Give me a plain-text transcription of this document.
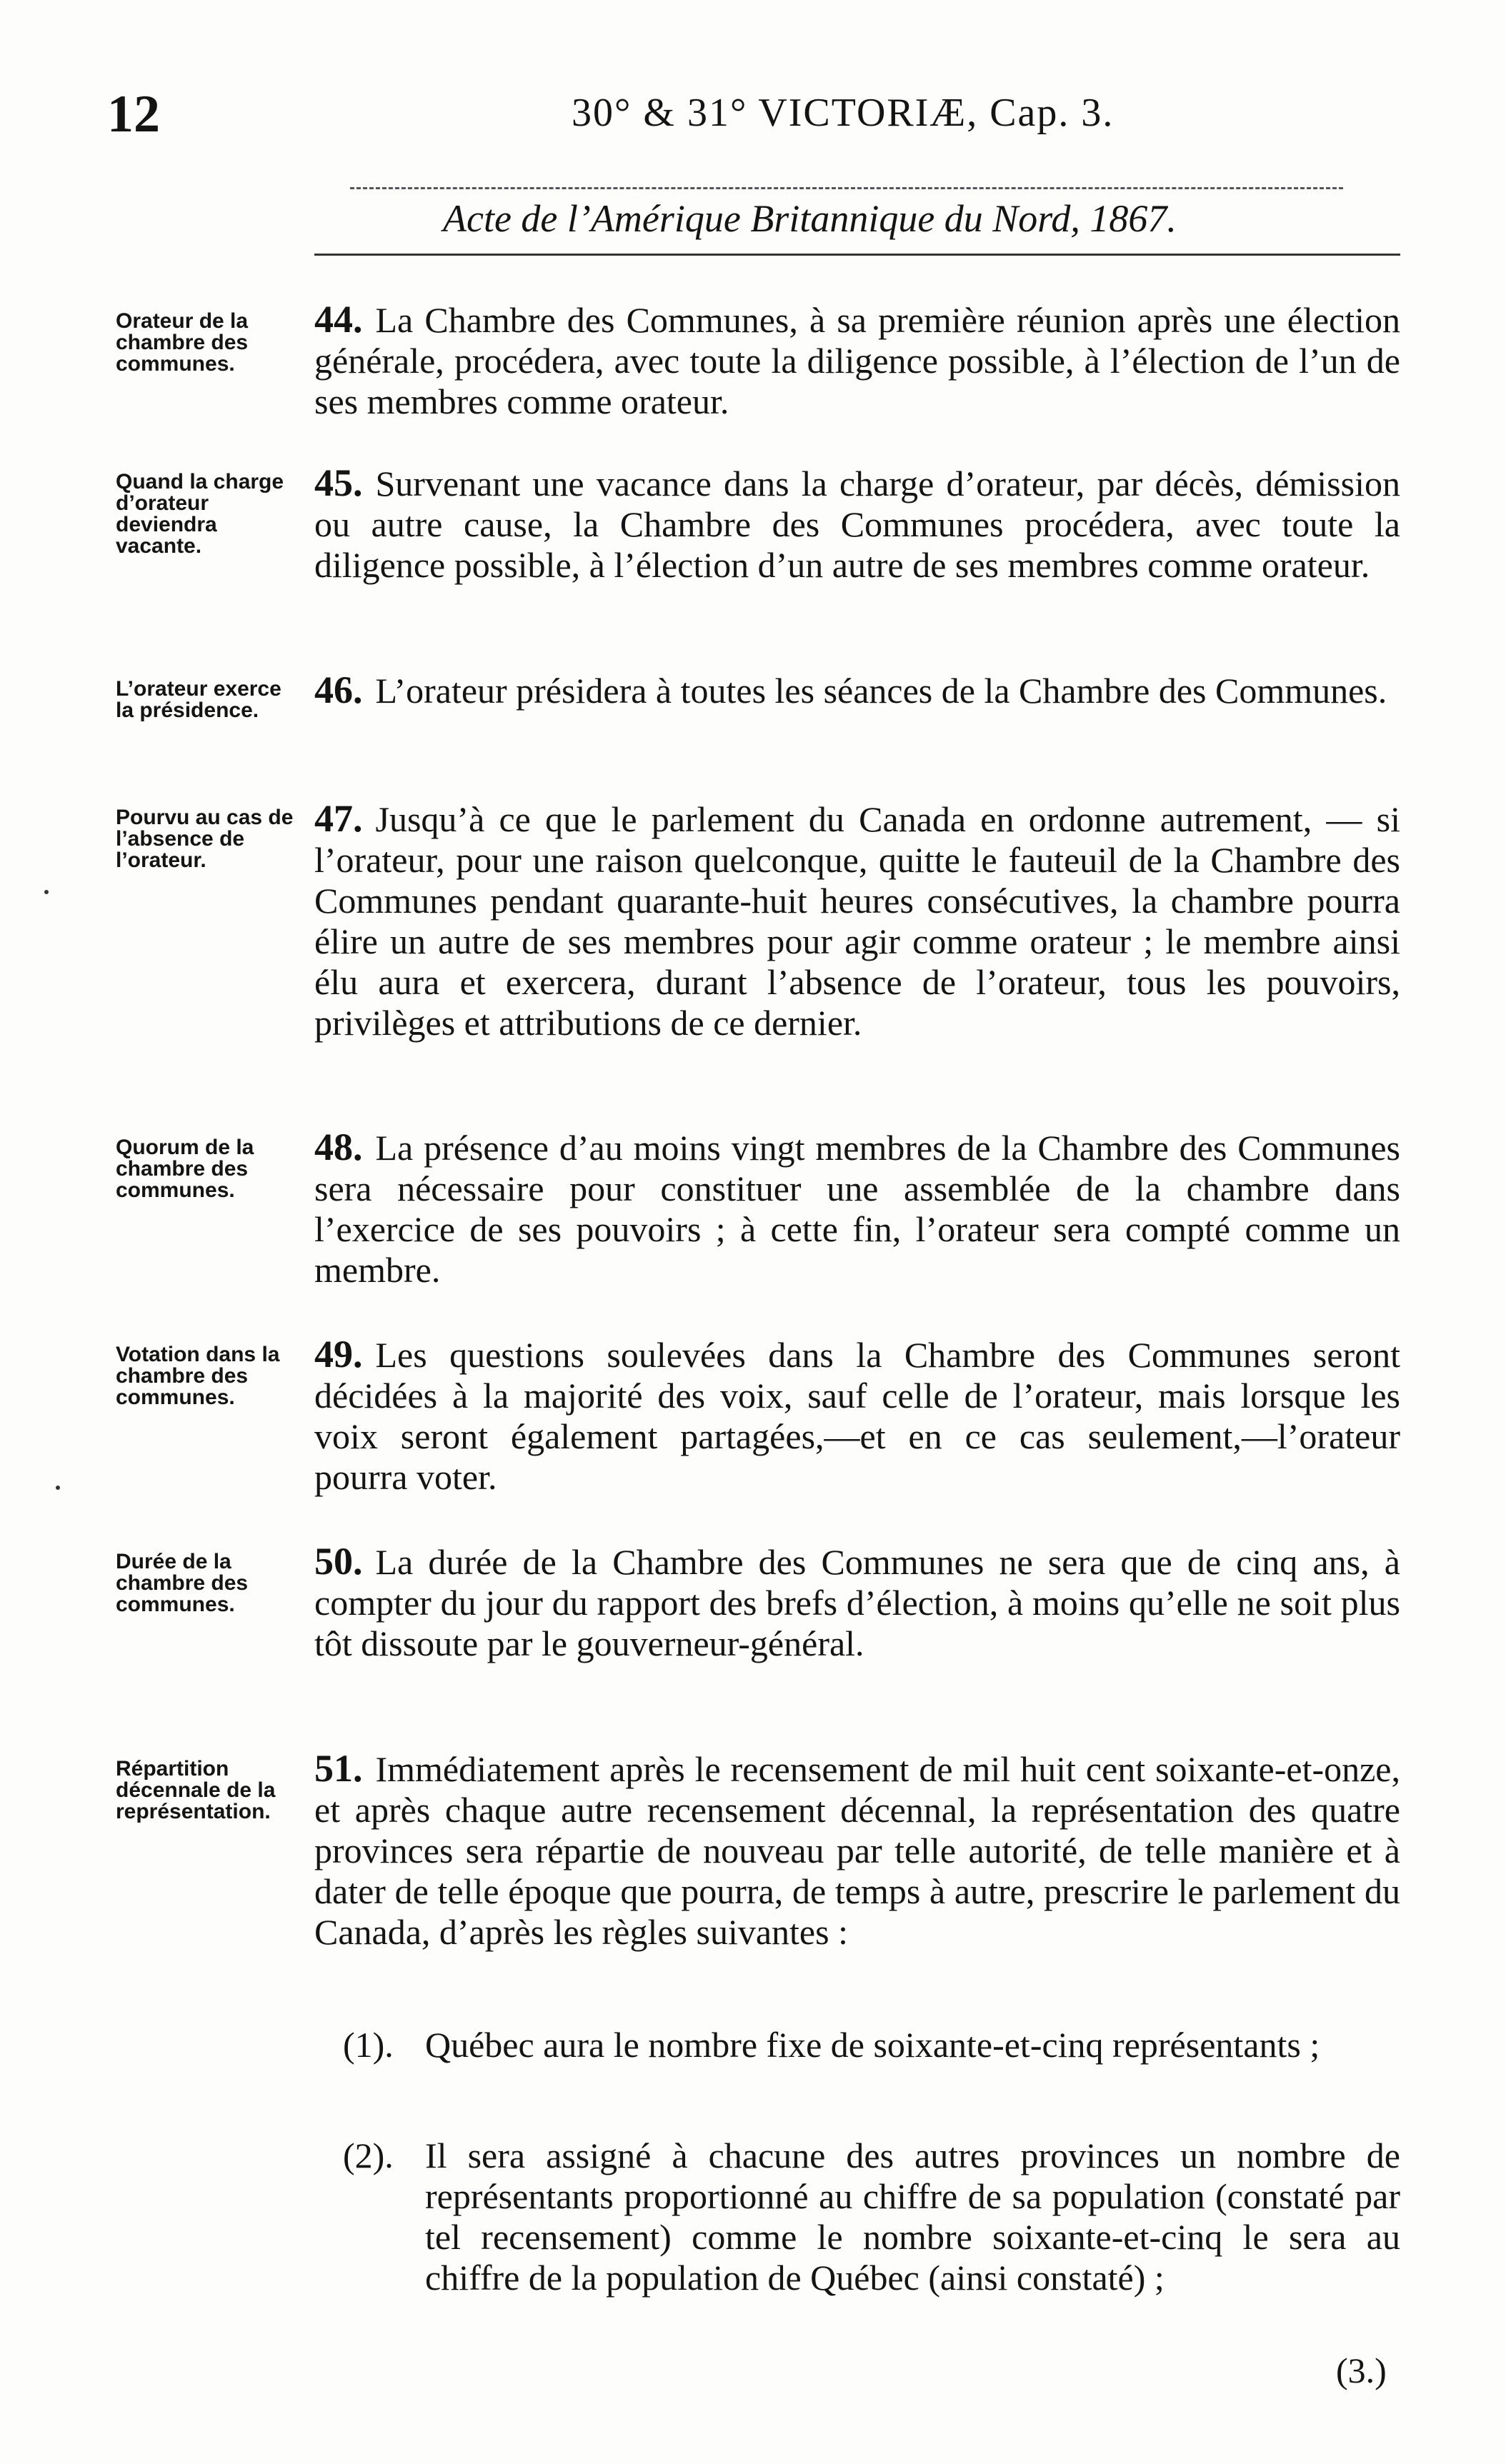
12	30° & 31° VICTORIÆ, Cap. 3.
Acte de l’Amérique Britannique du Nord, 1867.
Orateur de la chambre des communes.
44. La Chambre des Communes, à sa première réunion après une élection générale, procédera, avec toute la diligence possible, à l’élection de l’un de ses membres comme orateur.
Quand la charge d’orateur deviendra vacante.
45. Survenant une vacance dans la charge d’orateur, par décès, démission ou autre cause, la Chambre des Communes procédera, avec toute la diligence possible, à l’élection d’un autre de ses membres comme orateur.
L’orateur exerce la présidence.	46. L’orateur présidera à toutes les séances de la Chambre des Communes.
Pourvu au cas de l’absence de l’orateur.
47. Jusqu’à ce que le parlement du Canada en ordonne autrement, — si l’orateur, pour une raison quelconque, quitte le fauteuil de la Chambre des Communes pendant quarante-huit heures consécutives, la chambre pourra élire un autre de ses membres pour agir comme orateur ; le membre ainsi élu aura et exercera, durant l’absence de l’orateur, tous les pouvoirs, privilèges et attributions de ce dernier.
Quorum de la chambre des communes.
48. La présence d’au moins vingt membres de la Chambre des Communes sera nécessaire pour constituer une assemblée de la chambre dans l’exercice de ses pouvoirs ; à cette fin, l’orateur sera compté comme un membre.
Votation dans la chambre des communes.
49. Les questions soulevées dans la Chambre des Communes seront décidées à la majorité des voix, sauf celle de l’orateur, mais lorsque les voix seront également partagées,—et en ce cas seulement,—l’orateur pourra voter.
Durée de la chambre des communes.
50. La durée de la Chambre des Communes ne sera que de cinq ans, à compter du jour du rapport des brefs d’élection, à moins qu’elle ne soit plus tôt dissoute par le gouverneur-général.
Répartition décennale de la représentation.
51. Immédiatement après le recensement de mil huit cent soixante-et-onze, et après chaque autre recensement décennal, la représentation des quatre provinces sera répartie de nouveau par telle autorité, de telle manière et à dater de telle époque que pourra, de temps à autre, prescrire le parlement du Canada, d’après les règles suivantes :
(1). Québec aura le nombre fixe de soixante-et-cinq représentants ;
(2). Il sera assigné à chacune des autres provinces un nombre de représentants proportionné au chiffre de sa population (constaté par tel recensement) comme le nombre soixante-et-cinq le sera au chiffre de la population de Québec (ainsi constaté) ;
(3.)
